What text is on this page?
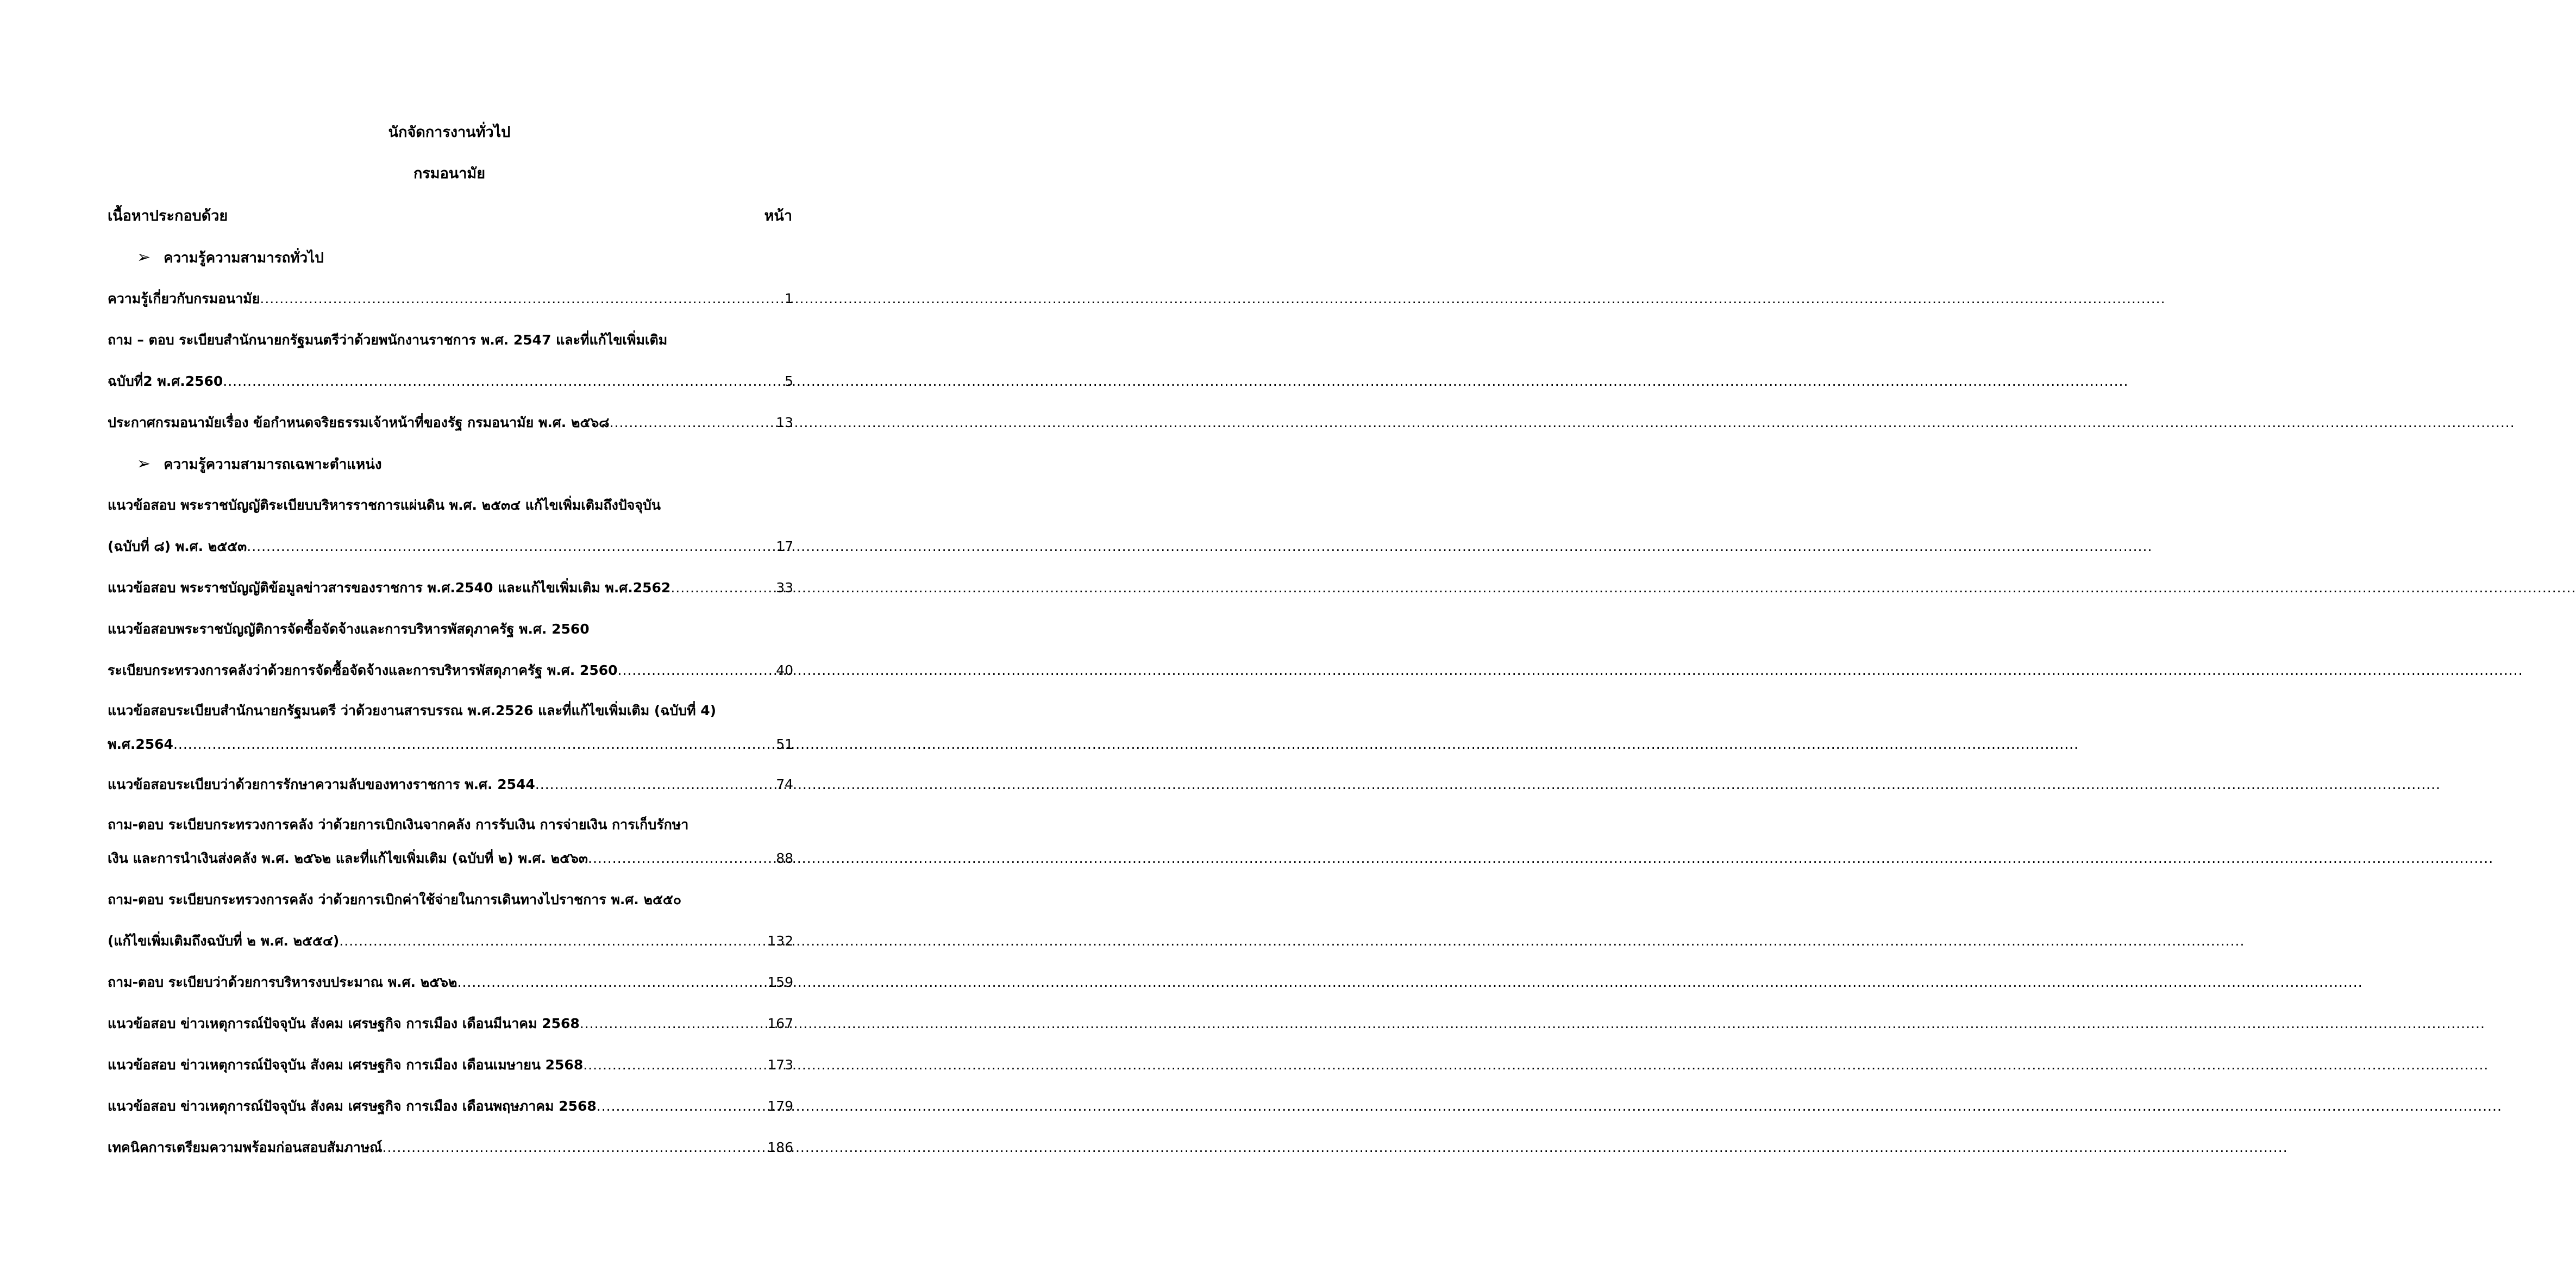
นักจัดการงานทั่วไป
กรมอนามัย
เนื้อหาประกอบด้วย	หน้า
➢ ความรู้ความสามารถทั่วไป
ความรู้เกี่ยวกับกรมอนามัย .....	1
ถาม – ตอบ ระเบียบสำนักนายกรัฐมนตรีว่าด้วยพนักงานราชการ พ.ศ. 2547 และที่แก้ไขเพิ่มเติม
ฉบับที่2 พ.ศ.2560 .....	5
ประกาศกรมอนามัยเรื่อง ข้อกำหนดจริยธรรมเจ้าหน้าที่ของรัฐ กรมอนามัย พ.ศ. ๒๕๖๘ .....	13
➢ ความรู้ความสามารถเฉพาะตำแหน่ง
แนวข้อสอบ พระราชบัญญัติระเบียบบริหารราชการแผ่นดิน พ.ศ. ๒๕๓๔ แก้ไขเพิ่มเติมถึงปัจจุบัน
(ฉบับที่ ๘) พ.ศ. ๒๕๕๓ .....	17
แนวข้อสอบ พระราชบัญญัติข้อมูลข่าวสารของราชการ พ.ศ.2540 และแก้ไขเพิ่มเติม พ.ศ.2562 .....	33
แนวข้อสอบพระราชบัญญัติการจัดซื้อจัดจ้างและการบริหารพัสดุภาครัฐ พ.ศ. 2560
ระเบียบกระทรวงการคลังว่าด้วยการจัดซื้อจัดจ้างและการบริหารพัสดุภาครัฐ พ.ศ. 2560 .....	40
แนวข้อสอบระเบียบสำนักนายกรัฐมนตรี ว่าด้วยงานสารบรรณ พ.ศ.2526 และที่แก้ไขเพิ่มเติม (ฉบับที่ 4)
พ.ศ.2564 .....	51
แนวข้อสอบระเบียบว่าด้วยการรักษาความลับของทางราชการ พ.ศ. 2544 .....	74
ถาม-ตอบ ระเบียบกระทรวงการคลัง ว่าด้วยการเบิกเงินจากคลัง การรับเงิน การจ่ายเงิน การเก็บรักษา
เงิน และการนำเงินส่งคลัง พ.ศ. ๒๕๖๒ และที่แก้ไขเพิ่มเติม (ฉบับที่ ๒) พ.ศ. ๒๕๖๓ .....	88
ถาม-ตอบ ระเบียบกระทรวงการคลัง ว่าด้วยการเบิกค่าใช้จ่ายในการเดินทางไปราชการ พ.ศ. ๒๕๕๐
(แก้ไขเพิ่มเติมถึงฉบับที่ ๒ พ.ศ. ๒๕๕๔) .....	132
ถาม-ตอบ ระเบียบว่าด้วยการบริหารงบประมาณ พ.ศ. ๒๕๖๒ .....	159
แนวข้อสอบ ข่าวเหตุการณ์ปัจจุบัน สังคม เศรษฐกิจ การเมือง เดือนมีนาคม 2568 .....	167
แนวข้อสอบ ข่าวเหตุการณ์ปัจจุบัน สังคม เศรษฐกิจ การเมือง เดือนเมษายน 2568 .....	173
แนวข้อสอบ ข่าวเหตุการณ์ปัจจุบัน สังคม เศรษฐกิจ การเมือง เดือนพฤษภาคม 2568 .....	179
เทคนิคการเตรียมความพร้อมก่อนสอบสัมภาษณ์ .....	186
